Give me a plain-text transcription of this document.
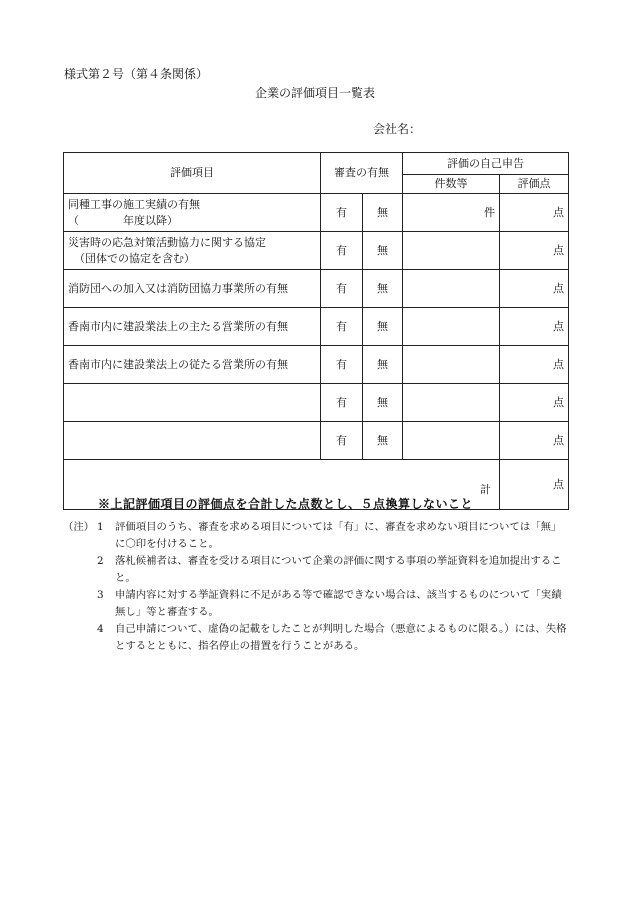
様式第２号（第４条関係）
企業の評価項目一覧表
会社名：
評価項目	審査の有無		評価の自己申告	
			件数等	評価点

同種工事の施工実績の有無
（　　　　年度以降）	有	無	件	点

災害時の応急対策活動協力に関する協定
（団体での協定を含む）	有	無		点

消防団への加入又は消防団協力事業所の有無	有	無		点

香南市内に建設業法上の主たる営業所の有無	有	無		点

香南市内に建設業法上の従たる営業所の有無	有	無		点
	有	無		点
	有	無		点

計
※上記評価項目の評価点を合計した点数とし、５点換算しないこと				点
（注） 1	評価項目のうち、審査を求める項目については「有」に、審査を求めない項目については「無」に〇印を付けること。
2	落札候補者は、審査を受ける項目について企業の評価に関する事項の挙証資料を追加提出すること。
3	申請内容に対する挙証資料に不足がある等で確認できない場合は、該当するものについて「実績無し」等と審査する。
4	自己申請について、虚偽の記載をしたことが判明した場合（悪意によるものに限る。）には、失格とするとともに、指名停止の措置を行うことがある。
